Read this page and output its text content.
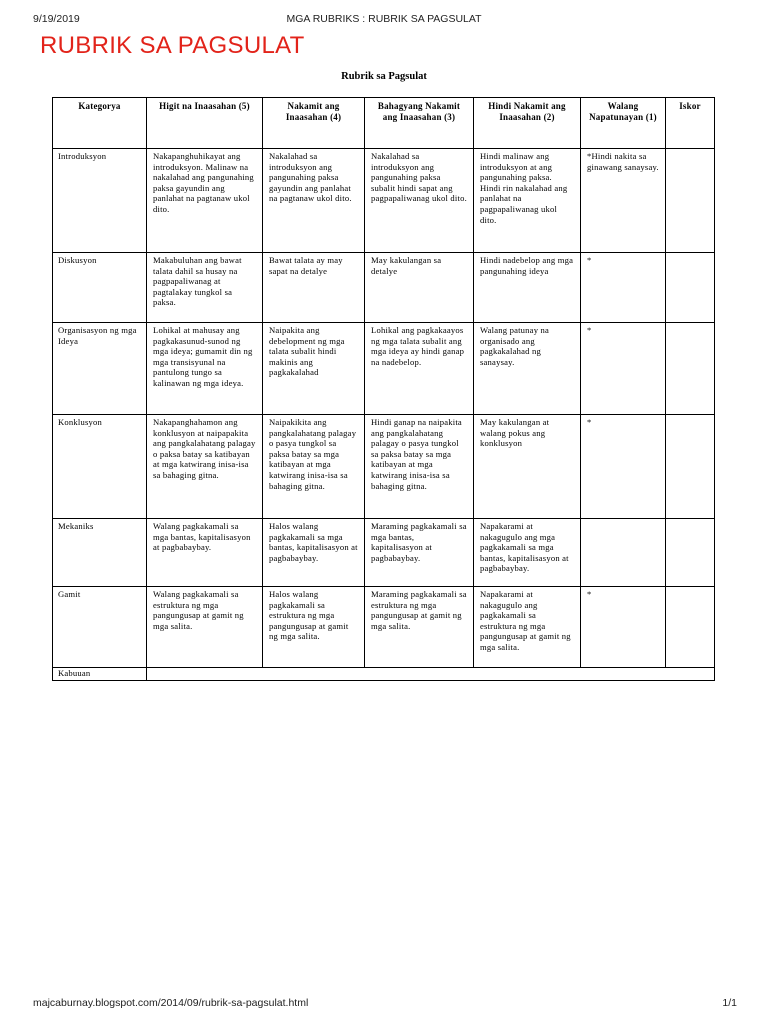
9/19/2019	MGA RUBRIKS : RUBRIK SA PAGSULAT
RUBRIK SA PAGSULAT
Rubrik sa Pagsulat
Kategorya	Higit na Inaasahan (5)	Nakamit ang Inaasahan (4)	Bahagyang Nakamit ang Inaasahan (3)	Hindi Nakamit ang Inaasahan (2)	Walang Napatunayan (1)	Iskor
Introduksyon	Nakapanghuhikayat ang introduksyon. Malinaw na nakalahad ang pangunahing paksa gayundin ang panlahat na pagtanaw ukol dito.	Nakalahad sa introduksyon ang pangunahing paksa gayundin ang panlahat na pagtanaw ukol dito.	Nakalahad sa introduksyon ang pangunahing paksa subalit hindi sapat ang pagpapaliwanag ukol dito.	Hindi malinaw ang introduksyon at ang pangunahing paksa. Hindi rin nakalahad ang panlahat na pagpapaliwanag ukol dito.	*Hindi nakita sa ginawang sanaysay.	
Diskusyon	Makabuluhan ang bawat talata dahil sa husay na pagpapaliwanag at pagtalakay tungkol sa paksa.	Bawat talata ay may sapat na detalye	May kakulangan sa detalye	Hindi nadebelop ang mga pangunahing ideya	*	
Organisasyon ng mga Ideya	Lohikal at mahusay ang pagkakasunud-sunod ng mga ideya; gumamit din ng mga transisyunal na pantulong tungo sa kalinawan ng mga ideya.	Naipakita ang debelopment ng mga talata subalit hindi makinis ang pagkakalahad	Lohikal ang pagkakaayos ng mga talata subalit ang mga ideya ay hindi ganap na nadebelop.	Walang patunay na organisado ang pagkakalahad ng sanaysay.	*	
Konklusyon	Nakapanghahamon ang konklusyon at naipapakita ang pangkalahatang palagay o paksa batay sa katibayan at mga katwirang inisa-isa sa bahaging gitna.	Naipakikita ang pangkalahatang palagay o pasya tungkol sa paksa batay sa mga katibayan at mga katwirang inisa-isa sa bahaging gitna.	Hindi ganap na naipakita ang pangkalahatang palagay o pasya tungkol sa paksa batay sa mga katibayan at mga katwirang inisa-isa sa bahaging gitna.	May kakulangan at walang pokus ang konklusyon	*	
Mekaniks	Walang pagkakamali sa mga bantas, kapitalisasyon at pagbabaybay.	Halos walang pagkakamali sa mga bantas, kapitalisasyon at pagbabaybay.	Maraming pagkakamali sa mga bantas, kapitalisasyon at pagbabaybay.	Napakarami at nakagugulo ang mga pagkakamali sa mga bantas, kapitalisasyon at pagbabaybay.		
Gamit	Walang pagkakamali sa estruktura ng mga pangungusap at gamit ng mga salita.	Halos walang pagkakamali sa estruktura ng mga pangungusap at gamit ng mga salita.	Maraming pagkakamali sa estruktura ng mga pangungusap at gamit ng mga salita.	Napakarami at nakagugulo ang pagkakamali sa estruktura ng mga pangungusap at gamit ng mga salita.	*	
Kabuuan						
majcaburnay.blogspot.com/2014/09/rubrik-sa-pagsulat.html	1/1
